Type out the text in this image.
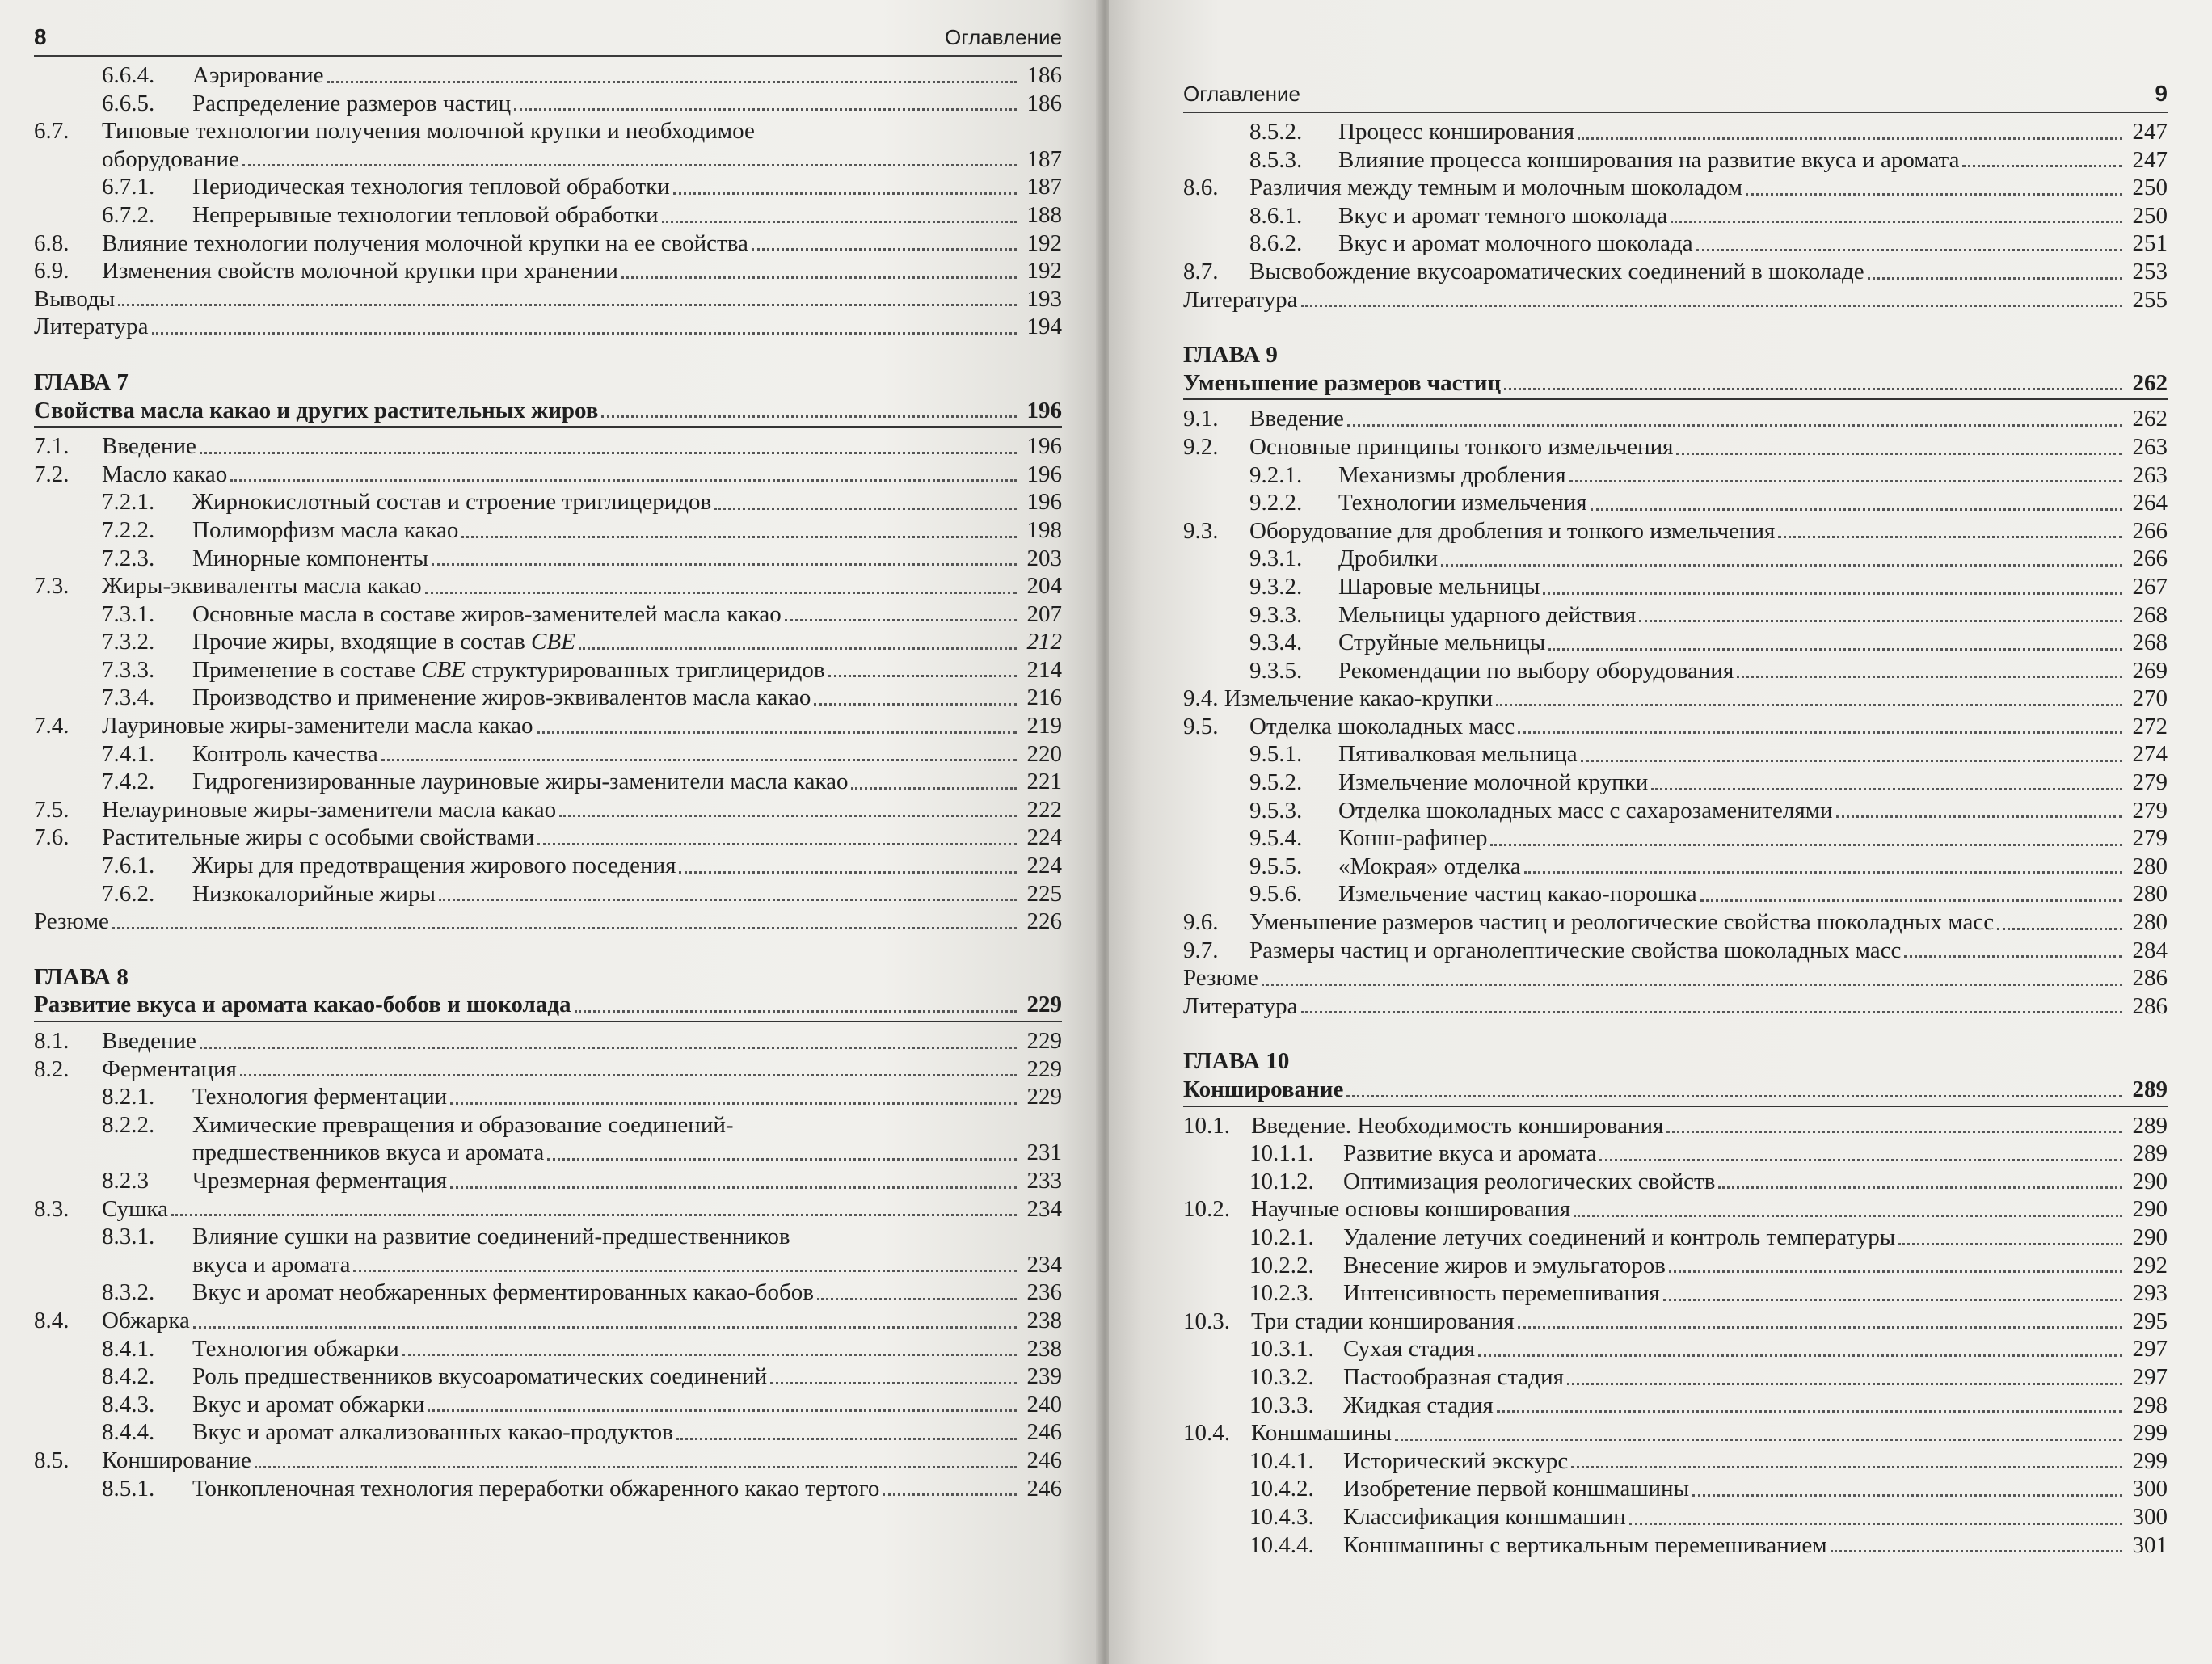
8	Оглавление
6.6.4.	Аэрирование	186
6.6.5.	Распределение размеров частиц	186
6.7.	Типовые технологии получения молочной крупки и необходимое
оборудование	187
6.7.1.	Периодическая технология тепловой обработки	187
6.7.2.	Непрерывные технологии тепловой обработки	188
6.8.	Влияние технологии получения молочной крупки на ее свойства	192
6.9.	Изменения свойств молочной крупки при хранении	192
Выводы	193
Литература	194
ГЛАВА 7
Свойства масла какао и других растительных жиров	196
7.1.	Введение	196
7.2.	Масло какао	196
7.2.1.	Жирнокислотный состав и строение триглицеридов	196
7.2.2.	Полиморфизм масла какао	198
7.2.3.	Минорные компоненты	203
7.3.	Жиры-эквиваленты масла какао	204
7.3.1.	Основные масла в составе жиров-заменителей масла какао	207
7.3.2.	Прочие жиры, входящие в состав CBE	212
7.3.3.	Применение в составе CBE структурированных триглицеридов	214
7.3.4.	Производство и применение жиров-эквивалентов масла какао	216
7.4.	Лауриновые жиры-заменители масла какао	219
7.4.1.	Контроль качества	220
7.4.2.	Гидрогенизированные лауриновые жиры-заменители масла какао	221
7.5.	Нелауриновые жиры-заменители масла какао	222
7.6.	Растительные жиры с особыми свойствами	224
7.6.1.	Жиры для предотвращения жирового поседения	224
7.6.2.	Низкокалорийные жиры	225
Резюме	226
ГЛАВА 8
Развитие вкуса и аромата какао-бобов и шоколада	229
8.1.	Введение	229
8.2.	Ферментация	229
8.2.1.	Технология ферментации	229
8.2.2.	Химические превращения и образование соединений-
предшественников вкуса и аромата	231
8.2.3	Чрезмерная ферментация	233
8.3.	Сушка	234
8.3.1.	Влияние сушки на развитие соединений-предшественников
вкуса и аромата	234
8.3.2.	Вкус и аромат необжаренных ферментированных какао-бобов	236
8.4.	Обжарка	238
8.4.1.	Технология обжарки	238
8.4.2.	Роль предшественников вкусоароматических соединений	239
8.4.3.	Вкус и аромат обжарки	240
8.4.4.	Вкус и аромат алкализованных какао-продуктов	246
8.5.	Конширование	246
8.5.1.	Тонкопленочная технология переработки обжаренного какао тертого	246
Оглавление	9
8.5.2.	Процесс конширования	247
8.5.3.	Влияние процесса конширования на развитие вкуса и аромата	247
8.6.	Различия между темным и молочным шоколадом	250
8.6.1.	Вкус и аромат темного шоколада	250
8.6.2.	Вкус и аромат молочного шоколада	251
8.7.	Высвобождение вкусоароматических соединений в шоколаде	253
Литература	255
ГЛАВА 9
Уменьшение размеров частиц	262
9.1.	Введение	262
9.2.	Основные принципы тонкого измельчения	263
9.2.1.	Механизмы дробления	263
9.2.2.	Технологии измельчения	264
9.3.	Оборудование для дробления и тонкого измельчения	266
9.3.1.	Дробилки	266
9.3.2.	Шаровые мельницы	267
9.3.3.	Мельницы ударного действия	268
9.3.4.	Струйные мельницы	268
9.3.5.	Рекомендации по выбору оборудования	269
9.4. Измельчение какао-крупки	270
9.5.	Отделка шоколадных масс	272
9.5.1.	Пятивалковая мельница	274
9.5.2.	Измельчение молочной крупки	279
9.5.3.	Отделка шоколадных масс с сахарозаменителями	279
9.5.4.	Конш-рафинер	279
9.5.5.	«Мокрая» отделка	280
9.5.6.	Измельчение частиц какао-порошка	280
9.6.	Уменьшение размеров частиц и реологические свойства шоколадных масс	280
9.7.	Размеры частиц и органолептические свойства шоколадных масс	284
Резюме	286
Литература	286
ГЛАВА 10
Конширование	289
10.1. Введение. Необходимость конширования	289
10.1.1.	Развитие вкуса и аромата	289
10.1.2.	Оптимизация реологических свойств	290
10.2. Научные основы конширования	290
10.2.1.	Удаление летучих соединений и контроль температуры	290
10.2.2.	Внесение жиров и эмульгаторов	292
10.2.3.	Интенсивность перемешивания	293
10.3. Три стадии конширования	295
10.3.1.	Сухая стадия	297
10.3.2.	Пастообразная стадия	297
10.3.3.	Жидкая стадия	298
10.4. Коншмашины	299
10.4.1.	Исторический экскурс	299
10.4.2.	Изобретение первой коншмашины	300
10.4.3.	Классификация коншмашин	300
10.4.4.	Коншмашины с вертикальным перемешиванием	301
